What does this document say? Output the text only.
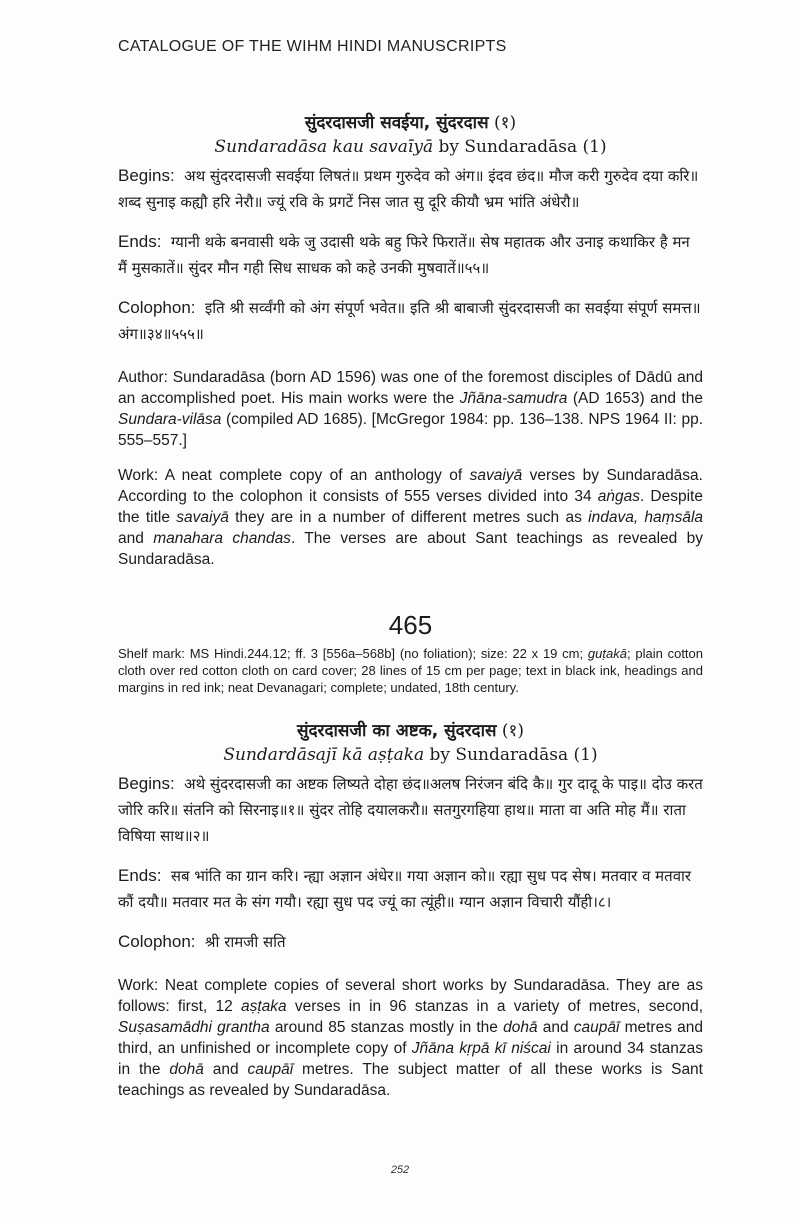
CATALOGUE OF THE WIHM HINDI MANUSCRIPTS

सुंदरदासजी सवईया, सुंदरदास (१)

Sundaradāsa kau savaīyā by Sundaradāsa (1)

Begins: अथ सुंदरदासजी सवईया लिषतं॥ प्रथम गुरुदेव को अंग॥ इंदव छंद॥ मौज करी गुरुदेव दया करि॥ शब्द सुनाइ कह्यौ हरि नेरौ॥ ज्यूं रवि के प्रगटें निस जात सु दूरि कीयौ भ्रम भांति अंधेरौ॥

Ends: ग्यानी थके बनवासी थके जु उदासी थके बहु फिरे फिरातें॥ सेष महातक और उनाइ कथाकिर है मन मैं मुसकातें॥ सुंदर मौन गही सिध साधक को कहे उनकी मुषवातें॥५५॥

Colophon: इति श्री सर्व्वंगी को अंग संपूर्ण भवेत॥ इति श्री बाबाजी सुंदरदासजी का सवईया संपूर्ण समत्त॥ अंग॥३४॥५५५॥

Author: Sundaradāsa (born AD 1596) was one of the foremost disciples of Dādū and an accomplished poet. His main works were the Jñāna-samudra (AD 1653) and the Sundara-vilāsa (compiled AD 1685). [McGregor 1984: pp. 136–138. NPS 1964 II: pp. 555–557.]

Work: A neat complete copy of an anthology of savaiyā verses by Sundaradāsa. According to the colophon it consists of 555 verses divided into 34 aṅgas. Despite the title savaiyā they are in a number of different metres such as indava, haṃsāla and manahara chandas. The verses are about Sant teachings as revealed by Sundaradāsa.

465

Shelf mark: MS Hindi.244.12; ff. 3 [556a–568b] (no foliation); size: 22 x 19 cm; guṭakā; plain cotton cloth over red cotton cloth on card cover; 28 lines of 15 cm per page; text in black ink, headings and margins in red ink; neat Devanagari; complete; undated, 18th century.

सुंदरदासजी का अष्टक, सुंदरदास (१)

Sundardāsajī kā aṣṭaka by Sundaradāsa (1)

Begins: अथे सुंदरदासजी का अष्टक लिष्यते दोहा छंद॥अलष निरंजन बंदि कै॥ गुर दादू के पाइ॥ दोउ करत जोरि करि॥ संतनि को सिरनाइ॥१॥ सुंदर तोहि दयालकरौ॥ सतगुरगहिया हाथ॥ माता वा अति मोह मैं॥ राता विषिया साथ॥२॥

Ends: सब भांति का ग्रान करि। न्ह्या अज्ञान अंधेर॥ गया अज्ञान को॥ रह्या सुध पद सेष। मतवार व मतवार कौं दयौ॥ मतवार मत के संग गयौ। रह्या सुध पद ज्यूं का त्यूंही॥ ग्यान अज्ञान विचारी यौंही।८।

Colophon: श्री रामजी सति

Work: Neat complete copies of several short works by Sundaradāsa. They are as follows: first, 12 aṣṭaka verses in in 96 stanzas in a variety of metres, second, Suṣasamādhi grantha around 85 stanzas mostly in the dohā and caupāī metres and third, an unfinished or incomplete copy of Jñāna kṛpā kī niścai in around 34 stanzas in the dohā and caupāī metres. The subject matter of all these works is Sant teachings as revealed by Sundaradāsa.

252
